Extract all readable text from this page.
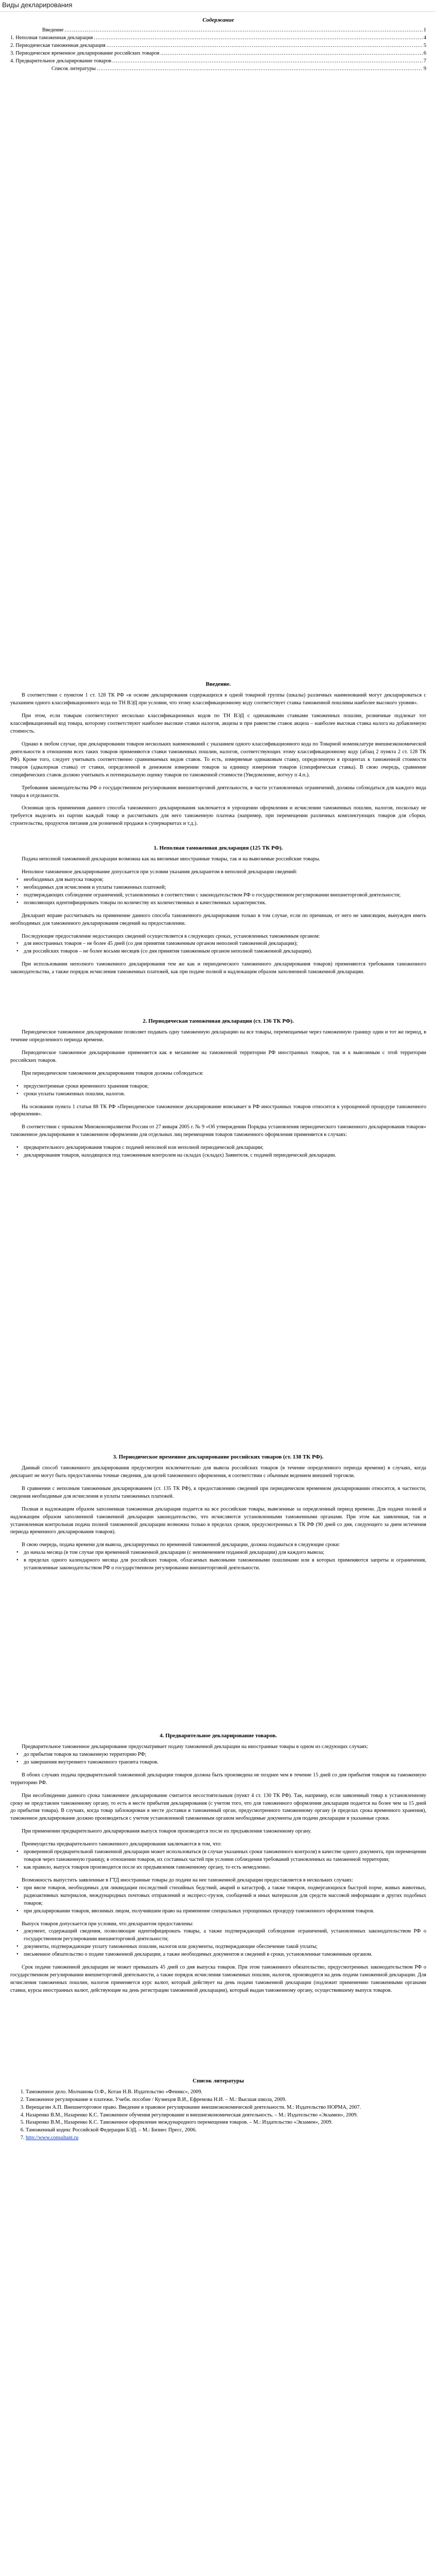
Виды декларирования
Содержание
Введение .....	1
1. Неполная таможенная декларация .....	4
2. Периодическая таможенная декларация .....	5
3. Периодическое временное декларирование российских товаров .....	6
4. Предварительное декларирование товаров .....	7
Список литературы .....	9
Введение.

В соответствии с пунктом 1 ст. 128 ТК РФ «в основе декларирования содержащихся в одной товарной группы (шкалы) различных наименований могут декларироваться с указанием одного классификационного кода по ТН ВЭД при условии, что этому классификационному коду соответствует ставка таможенной пошлины наиболее высокого уровня».

При этом, если товарам соответствуют несколько классификационных кодов по ТН ВЭД с одинаковыми ставками таможенных пошлин, розничные подлежат тот классификационный код товара, которому соответствуют наиболее высокие ставки налогов, акцизы и при равенстве ставок акциза – наиболее высокая ставка налога на добавленную стоимость.

Однако в любом случае, при декларировании товаров нескольких наименований с указанием одного классификационного кода по Товарной номенклатуре внешнеэкономической деятельности в отношении всех таких товаров применяются ставки таможенных пошлин, налогов, соответствующих этому классификационному коду (абзац 2 пункта 2 ст. 128 ТК РФ). Кроме того, следует учитывать соответственно сравнимаемых видов ставок. То есть, измеряемые одинаковым ставку, определенную в процентах к таможенной стоимости товаров (адвалорная ставка) от ставки, определенной в денежном измерении товаров за единицу измерения товаров (специфическая ставка). В свою очередь, сравнение специфических ставок должно учитывать и потенциальную оценку товаров по таможенной стоимости (Уведомление, вотчуу п 4.п.).

Требования законодательства РФ о государственном регулировании внешнеторговой деятельности, в части установленных ограничений, должны соблюдаться для каждого вида товара в отдельности.

Основная цель применения данного способа таможенного декларирования заключается в упрощении оформления и исчислении таможенных пошлин, налогов, поскольку не требуется выделять из партии каждый товар и рассчитывать для него таможенную платежа (например, при перемещении различных комплектующих товаров для сборки, строительства, продуктов питания для розничной продажи в супермаркетах и т.д.).

1. Неполная таможенная декларация (125 ТК РФ).

Подача неполной таможенной декларации возможна как на ввозимые иностранные товары, так и на вывозимые российские товары.

Неполное таможенное декларирование допускается при условии указания декларантом в неполной декларации сведений:

• необходимых для выпуска товаров;
• необходимых для исчисления и уплаты таможенных платежей;
• подтверждающих соблюдение ограничений, установленных в соответствии с законодательством РФ о государственном регулировании внешнеторговой деятельности;
• позволяющих идентифицировать товары по количеству их количественных и качественных характеристик.

Декларант вправе рассчитывать на применение данного способа таможенного декларирования только в том случае, если по причинам, от него не зависящим, вынужден иметь необходимых для таможенного декларирования сведений на предоставлении.

Последующие предоставление недостающих сведений осуществляется в следующих сроках, установленных таможенным органом:

• для иностранных товаров – не более 45 дней (со дня принятия таможенным органом неполной таможенной декларации);
• для российских товаров – не более восьми месяцев (со дня принятия таможенным органом неполной таможенной декларации).

При использовании неполного таможенного декларирования тем же как и периодического таможенного декларирования товаров) применяются требования таможенного законодательства, а также порядок исчисления таможенных платежей, как при подаче полной и надлежащим образом заполненной таможенной декларации.

2. Периодическая таможенная декларация (ст. 136 ТК РФ).

Периодическое таможенное декларирование позволяет подавать одну таможенную декларацию на все товары, перемещаемые через таможенную границу один и тот же период, в течение определенного периода времени.

Периодическое таможенное декларирование применяется как в механизме на таможенной территории РФ иностранных товаров, так и к вывозимым с этой территории российских товаров.

При периодическом таможенном декларировании товаров должны соблюдаться:

• предусмотренные сроки временного хранения товаров;
• сроки уплаты таможенных пошлин, налогов.

На основании пункта 1 статьи 88 ТК РФ «Периодическое таможенное декларирование вписывает в РФ иностранных товаров относится к упрощенной процедуре таможенного оформления».

В соответствии с приказом Минэкономразвития России от 27 января 2005 г. № 9 «Об утверждении Порядка установления периодического таможенного декларирования товаров» таможенное декларирование в таможенном оформлении для отдельных лиц перемещения товаров таможенного оформления применяется в случаях:

• предварительного декларирования товаров с подачей неполной или неполной периодической декларации;
• декларирования товаров, находящихся под таможенным контролем на складах (складах) Заявителя, с подачей периодической декларации.
3. Периодическое временное декларирование российских товаров (ст. 138 ТК РФ).

Данный способ таможенного декларирования предусмотрен исключительно для вывоза российских товаров (в течение определенного периода времени) в случаях, когда декларант не могут быть предоставлены точные сведения, для целей таможенного оформления, в соответствии с обычным ведением внешней торговли.

В сравнении с неполным таможенным декларированием (ст. 135 ТК РФ), к предоставлению сведений при периодическом временном декларировании относится, в частности, сведения необходимые для исчисления и уплаты таможенных платежей.

Полная и надлежащим образом заполненная таможенная декларация подается на все российские товары, вывезенные за определенный период времени. Для подачи полной и надлежащим образом заполненной таможенной декларации законодательство, что исчисляются установленными таможенными органами. При этом как заявленная, так и установленная контрольная подача полной таможенной декларации возможна только в пределах сроков, предусмотренных в ТК РФ (90 дней со дня, следующего за днем истечения периода временного декларирования товаров).

В свою очередь, подача времени для вывоза, декларируемых по временной таможенной декларации, должна подаваться в следующие сроки:

• до начала месяца (в том случае при временной таможенной декларации (с неизменением поданной декларации) для каждого вывоза;
• в пределах одного календарного месяца для российских товаров, облагаемых вывозными таможенными пошлинами или в которых применяются запреты и ограничения, установленные законодательством РФ о государственном регулировании внешнеторговой деятельности.
4. Предварительное декларирование товаров.

Предварительное таможенное декларирование предусматривает подачу таможенной декларации на иностранные товары в одном из следующих случаях:

• до прибытия товаров на таможенную территорию РФ;
• до завершения внутреннего таможенного транзита товаров.

В обоих случаях подача предварительной таможенной декларации товаров должна быть произведена не позднее чем в течение 15 дней со дня прибытия товаров на таможенную территорию РФ.

При несоблюдении данного срока таможенное декларирование считается несостоятельным (пункт 4 ст. 130 ТК РФ). Так, например, если заявленный товар к установленному сроку не представлен таможенному органу, то есть в месте прибытия декларирования (с учетом того, что для таможенного оформления декларация подается на более чем за 15 дней до прибытия товара). В случаях, когда товар заблокирован в месте доставки в таможенный орган, предусмотренного таможенному органу (в пределах срока временного хранения), таможенное декларирование должно производиться с учетом установленной таможенным органом необходимые документы для подачи декларации в указанные сроки.

При применении предварительного декларирования выпуск товаров производится после их предъявления таможенному органу.

Преимущества предварительного таможенного декларирования заключаются в том, что:

• проверенной предварительной таможенной декларации может использоваться (в случае указанных сроки таможенного контроля) в качестве одного документа, при перемещении товаров через таможенную границу, в отношении товаров, их составных частей при условии соблюдения требований установленных на таможенной территории;
• как правило, выпуск товаров производится после их предъявления таможенному органу, то есть немедленно.

Возможность выпустить заявленные в ГТД иностранные товары до подачи на нее таможенной декларации предоставляется в нескольких случаях:

• при ввозе товаров, необходимых для ликвидации последствий стихийных бедствий, аварий и катастроф, а также товаров, подвергающихся быстрой порче, живых животных, радиоактивных материалов, международных почтовых отправлений и экспресс-грузов, сообщений и иных материалов для средств массовой информации и других подобных товаров;
• при декларировании товаров, ввозимых лицом, получившим право на применение специальных упрощенных процедур таможенного оформления товаров.

Выпуск товаров допускается при условии, что декларантом предоставлены:

• документ, содержащий сведения, позволяющие идентифицировать товары, а также подтверждающий соблюдение ограничений, установленных законодательством РФ о государственном регулировании внешнеторговой деятельности;
• документы, подтверждающие уплату таможенных пошлин, налогов или документы, подтверждающие обеспечение такой уплаты;
• письменное обязательство о подаче таможенной декларации, а также необходимых документов и сведений в сроки, установленные таможенным органом.

Срок подачи таможенной декларации не может превышать 45 дней со дня выпуска товаров. При этом таможенного обязательство, предусмотренных законодательством РФ о государственном регулировании внешнеторговой деятельности, а также порядок исчисления таможенных пошлин, налогов, производятся на день подачи таможенной декларации. Для исчисления таможенных пошлин, налогов применяется курс валют, который действует на день подачи таможенной декларации (подлежит применению таможенными органами ставки, курсы иностранных валют, действующие на день регистрации таможенной декларации), который выдан таможенному органу, осуществившему выпуск товаров.

Список литературы
1. Таможенное дело. Молчанова О.Ф., Котан Н.В. Издательство «Феникс», 2009.
2. Таможенное регулирование и платежи. Учебн. пособие / Кузнецов В.И., Ефремова Н.И. – М.: Высшая школа, 2009.
3. Верещагин А.П. Внешнеторговое право. Введение в правовое регулирование внешнеэкономической деятельности. М.: Издательство НОРМА, 2007.
4. Назаренко В.М., Назаренко К.С. Таможенное обучения регулирование и внешнеэкономическая деятельность. – М.: Издательство «Экзамен», 2009.
5. Назаренко В.М., Назаренко К.С. Таможенное оформление международного перемещения товаров. – М.: Издательство «Экзамен», 2009.
6. Таможенный кодекс Российской Федерации БЭД. – М.: Бизнес Пресс, 2006.
7. http://www.consultant.ru
